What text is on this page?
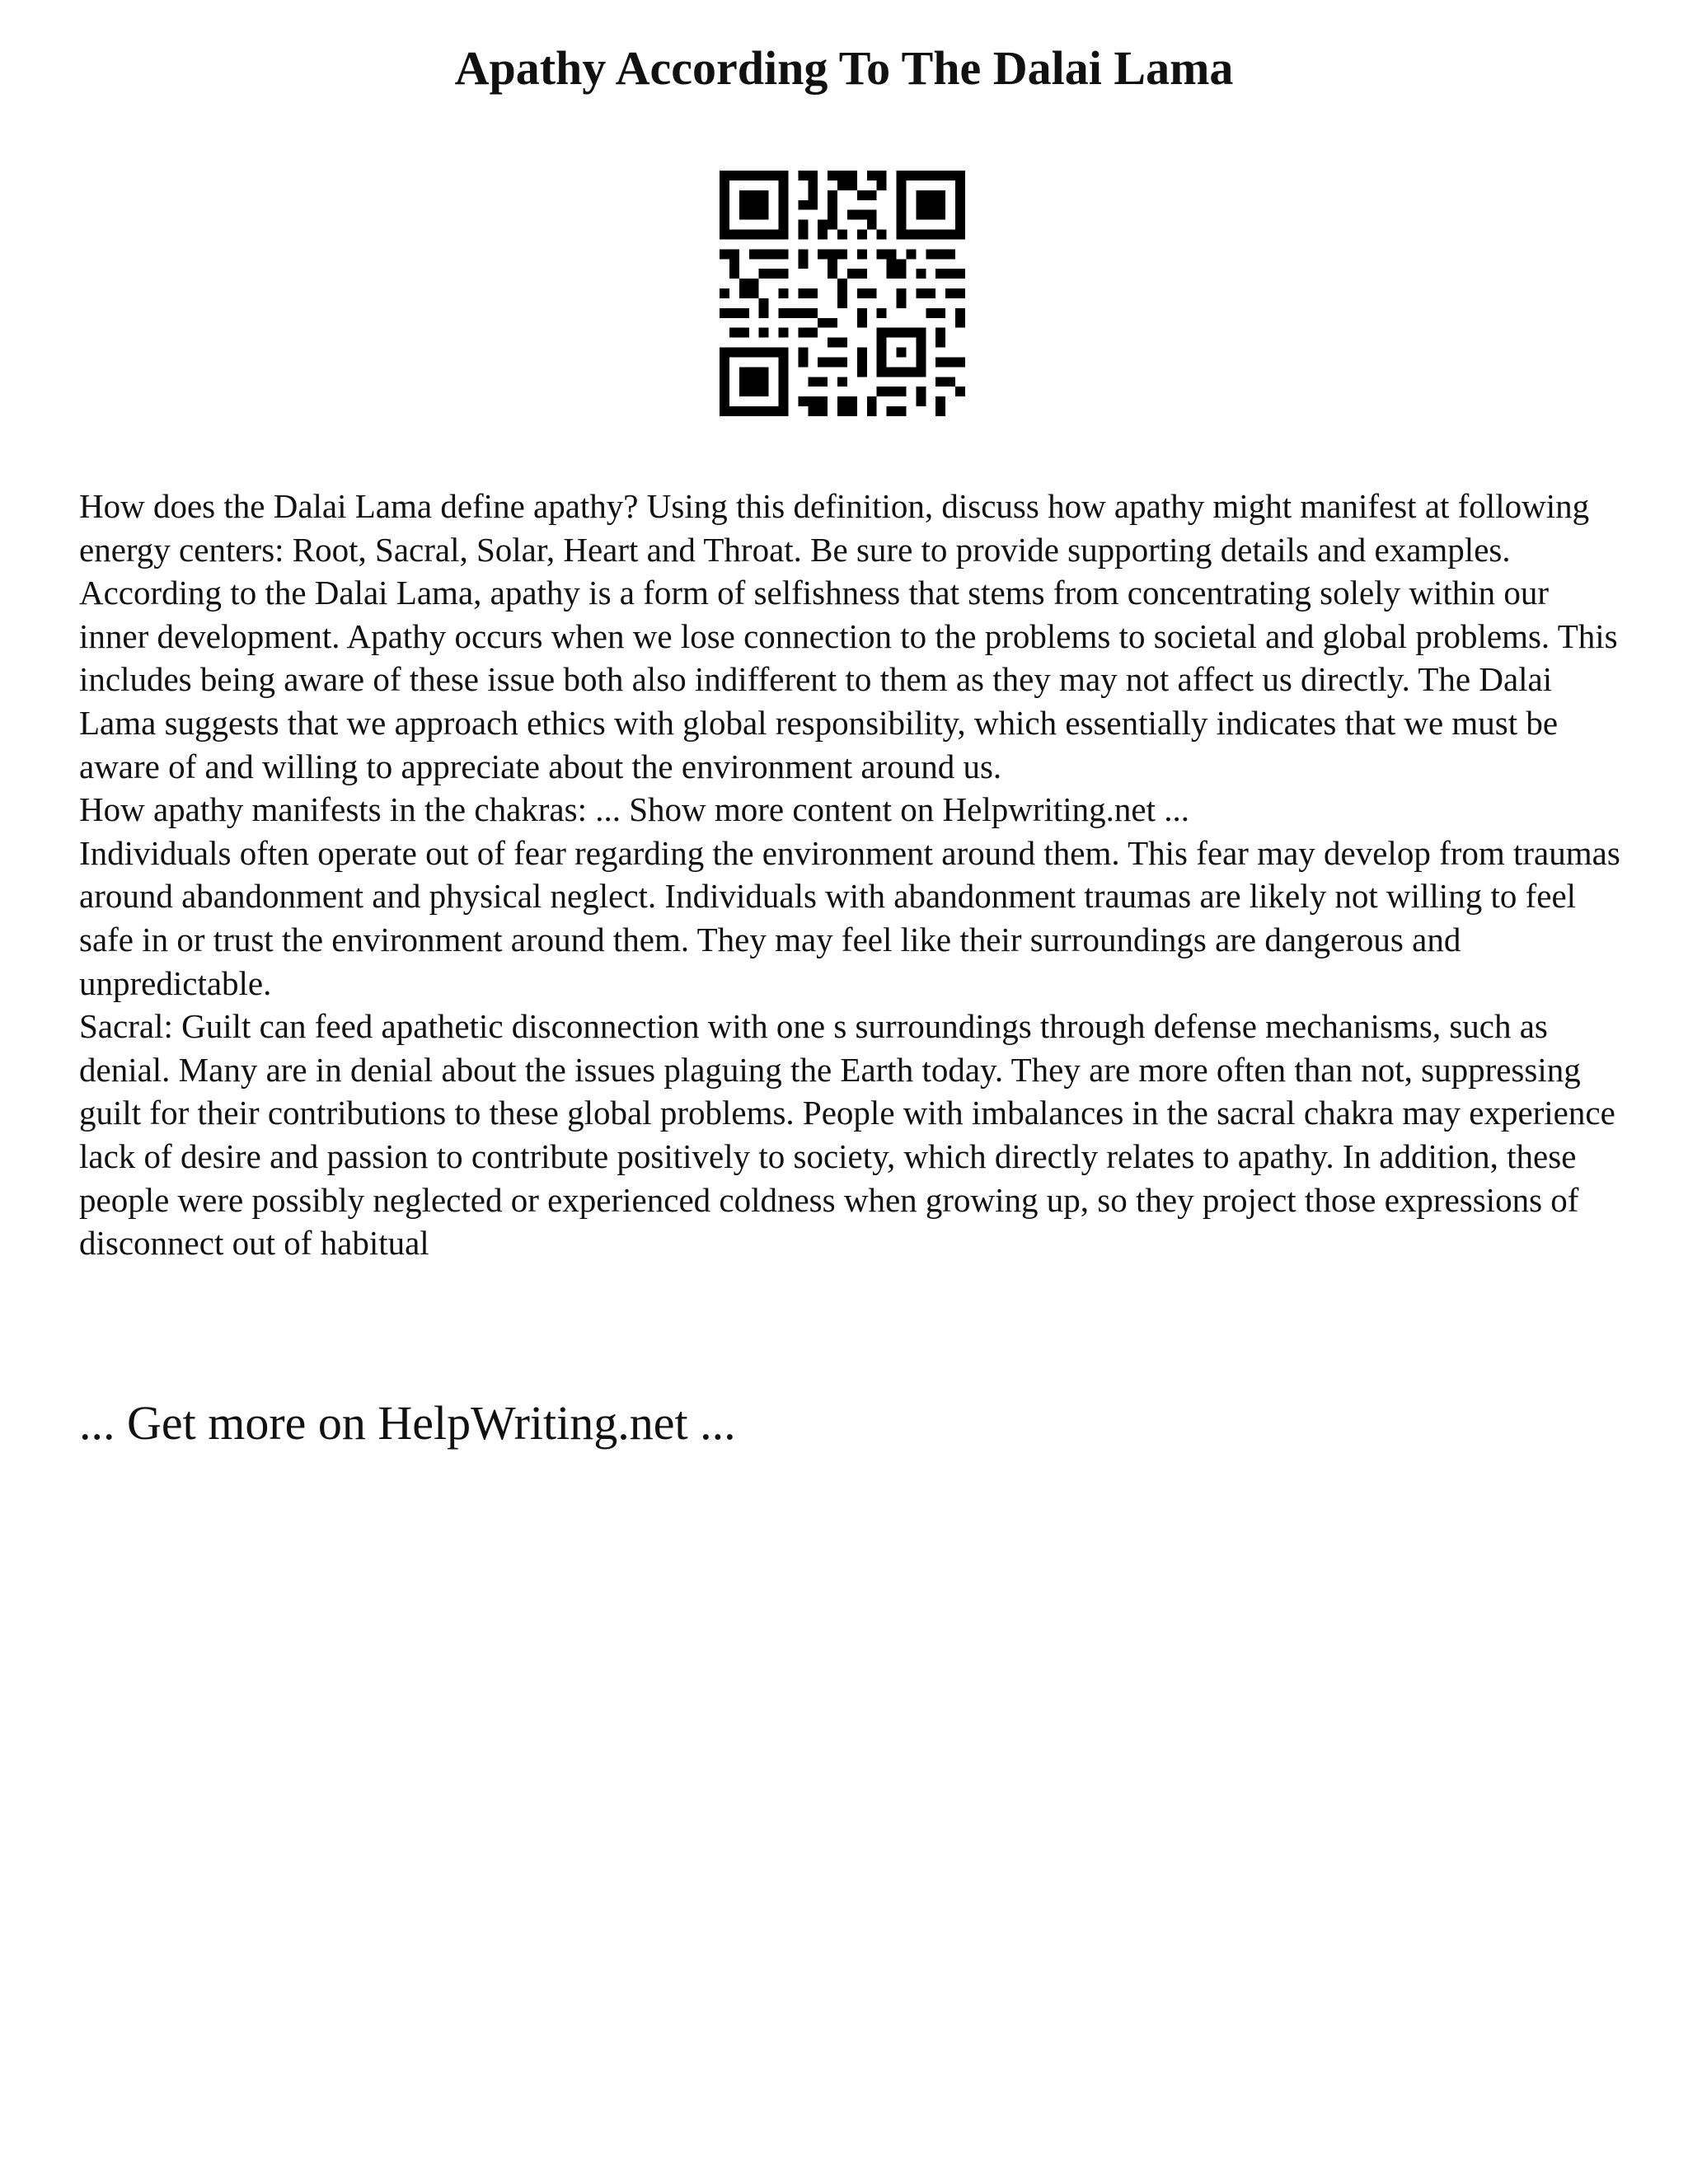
Apathy According To The Dalai Lama

How does the Dalai Lama define apathy? Using this definition, discuss how apathy might manifest at following energy centers: Root, Sacral, Solar, Heart and Throat. Be sure to provide supporting details and examples.

According to the Dalai Lama, apathy is a form of selfishness that stems from concentrating solely within our inner development. Apathy occurs when we lose connection to the problems to societal and global problems. This includes being aware of these issue both also indifferent to them as they may not affect us directly. The Dalai Lama suggests that we approach ethics with global responsibility, which essentially indicates that we must be aware of and willing to appreciate about the environment around us.

How apathy manifests in the chakras: ... Show more content on Helpwriting.net ...

Individuals often operate out of fear regarding the environment around them. This fear may develop from traumas around abandonment and physical neglect. Individuals with abandonment traumas are likely not willing to feel safe in or trust the environment around them. They may feel like their surroundings are dangerous and unpredictable.

Sacral: Guilt can feed apathetic disconnection with one s surroundings through defense mechanisms, such as denial. Many are in denial about the issues plaguing the Earth today. They are more often than not, suppressing guilt for their contributions to these global problems. People with imbalances in the sacral chakra may experience lack of desire and passion to contribute positively to society, which directly relates to apathy. In addition, these people were possibly neglected or experienced coldness when growing up, so they project those expressions of disconnect out of habitual

... Get more on HelpWriting.net ...
